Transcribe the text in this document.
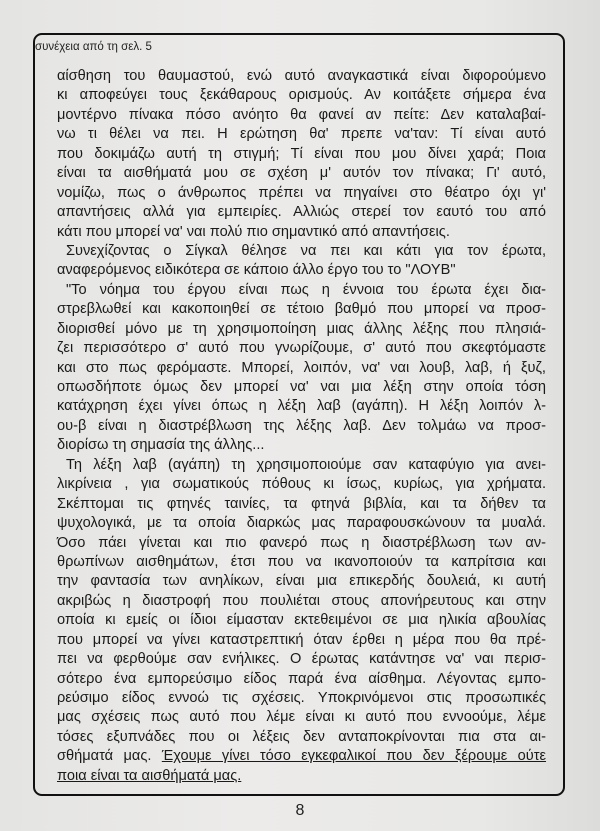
συνέχεια από τη σελ. 5
αίσθηση του θαυμαστού, ενώ αυτό αναγκαστικά είναι διφορούμενο
κι αποφεύγει τους ξεκάθαρους ορισμούς. Αν κοιτάξετε σήμερα ένα
μοντέρνο πίνακα πόσο ανόητο θα φανεί αν πείτε: Δεν καταλαβαί-
νω τι θέλει να πει. Η ερώτηση θα' πρεπε να'ταν: Τί είναι αυτό
που δοκιμάζω αυτή τη στιγμή; Τί είναι που μου δίνει χαρά; Ποια
είναι τα αισθήματά μου σε σχέση μ' αυτόν τον πίνακα; Γι' αυτό,
νομίζω, πως ο άνθρωπος πρέπει να πηγαίνει στο θέατρο όχι γι'
απαντήσεις αλλά για εμπειρίες. Αλλιώς στερεί τον εαυτό του από
κάτι που μπορεί να' ναι πολύ πιο σημαντικό από απαντήσεις.
Συνεχίζοντας ο Σίγκαλ θέλησε να πει και κάτι για τον έρωτα,
αναφερόμενος ειδικότερα σε κάποιο άλλο έργο του το "ΛΟΥΒ"
"Το νόημα του έργου είναι πως η έννοια του έρωτα έχει δια-
στρεβλωθεί και κακοποιηθεί σε τέτοιο βαθμό που μπορεί να προσ-
διορισθεί μόνο με τη χρησιμοποίηση μιας άλλης λέξης που πλησιά-
ζει περισσότερο σ' αυτό που γνωρίζουμε, σ' αυτό που σκεφτόμαστε
και στο πως φερόμαστε. Μπορεί, λοιπόν, να' ναι λουβ, λαβ, ή ξυζ,
οπωσδήποτε όμως δεν μπορεί να' ναι μια λέξη στην οποία τόση
κατάχρηση έχει γίνει όπως η λέξη λαβ (αγάπη). Η λέξη λοιπόν λ-
ου-β είναι η διαστρέβλωση της λέξης λαβ. Δεν τολμάω να προσ-
διορίσω τη σημασία της άλλης...
Τη λέξη λαβ (αγάπη) τη χρησιμοποιούμε σαν καταφύγιο για ανει-
λικρίνεια , για σωματικούς πόθους κι ίσως, κυρίως, για χρήματα.
Σκέπτομαι τις φτηνές ταινίες, τα φτηνά βιβλία, και τα δήθεν τα
ψυχολογικά, με τα οποία διαρκώς μας παραφουσκώνουν τα μυαλά.
Όσο πάει γίνεται και πιο φανερό πως η διαστρέβλωση των αν-
θρωπίνων αισθημάτων, έτσι που να ικανοποιούν τα καπρίτσια και
την φαντασία των ανηλίκων, είναι μια επικερδής δουλειά, κι αυτή
ακριβώς η διαστροφή που πουλιέται στους απονήρευτους και στην
οποία κι εμείς οι ίδιοι είμασταν εκτεθειμένοι σε μια ηλικία αβουλίας
που μπορεί να γίνει καταστρεπτική όταν έρθει η μέρα που θα πρέ-
πει να φερθούμε σαν ενήλικες. Ο έρωτας κατάντησε να' ναι περισ-
σότερο ένα εμπορεύσιμο είδος παρά ένα αίσθημα. Λέγοντας εμπο-
ρεύσιμο είδος εννοώ τις σχέσεις. Υποκρινόμενοι στις προσωπικές
μας σχέσεις πως αυτό που λέμε είναι κι αυτό που εννοούμε, λέμε
τόσες εξυπνάδες που οι λέξεις δεν ανταποκρίνονται πια στα αι-
σθήματά μας. Έχουμε γίνει τόσο εγκεφαλικοί που δεν ξέρουμε ούτε
ποια είναι τα αισθήματά μας.
8
